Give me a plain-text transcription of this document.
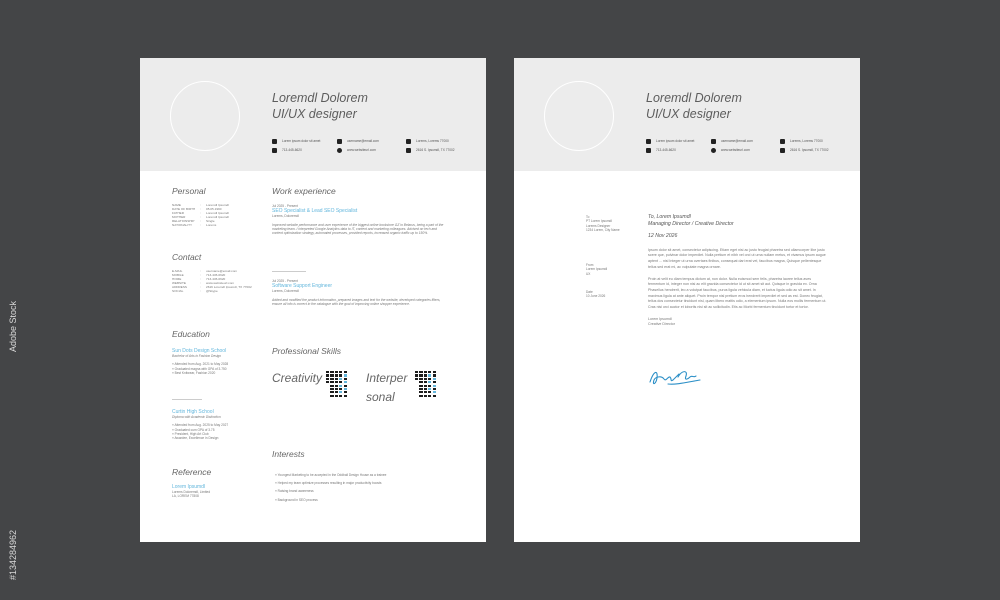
Adobe Stock
#134284962
Loremdl Dolorem
UI/UX designer
Lorem ipsum dolor sit amet
713-445-6620
username@email.com
www.websiteurl.com
Lorems, Lorems 77000
2616 S. Ipsumdl, TX 77002
Personal
NAME	:	Loremdl Ipsumdl
DATE OF BIRTH	:	05.05.1990
FATHER	:	Loremdl Ipsumdl
MOTHER	:	Loremdl Ipsumdl
RELATIONSHIP	:	Single
NATIONALITY	:	Lorems
Contact
E-MAIL	:	username@email.com
MOBILE	:	713-445-6620
HOME	:	713-445-6620
WEBSITE	:	www.websiteurl.com
ADDRESS	:	2616 Loremdl Ipsumdl, TX 77002
SOCIAL	:	@Skype
Education
Sun Dots Design School
Bachelor of Arts in Fashion Design
» Attended from Aug. 2021 to May 2028
» Graduated magna with GPA of 3.750
» Best Knitwear, Fashion 2020
Curtin High School
Diploma with Academic Distinction
» Attended from Aug. 2025 to May 2027
» Graduated cum GPA of 3.75
» President, High Art Club
» Awardee, Excellence in Design
Reference
Lorem Ipsumdl
Lorems Doloremdl, Limited
LA, LOREM 77808
Work experience
Jul 2025 - Present
SEO Specialist & Lead SEO Specialist
Lorems, Doloremdl
Improved website performance and user experience of the biggest online bookstore GZ in Belarus, being a part of the marketing team. I interpreted Google Analytics data to IT, content and marketing colleagues. Advised on tech and content optimization strategy, automated processes, provided reports, increased organic traffic up to 150%.
Jul 2025 - Present
Software Support Engineer
Lorems, Doloremdl
Added and modified the product information, prepared images and text for the website, developed categories filters, ensure all info is correct in the catalogue with the goal of improving online shopper experience.
Professional Skills
Creativity	Interper
sonal
Interests
» Youngest Marketing to be accepted in the Oddball Design House as a trainee
» Helped my team optimize processes resulting in major productivity boosts
» Raising brand awareness
» Background in SEO process
Loremdl Dolorem
UI/UX designer
Lorem ipsum dolor sit amet
713-445-6620
username@email.com
www.websiteurl.com
Lorems, Lorems 77000
2616 S. Ipsumdl, TX 77002
To
PT Lorem Ipsumdl
Lorems Designer
1234 Lorem, City Name
From
Lorem Ipsumdl
UX
Date
10 June 2026
To, Lorem Ipsumdl
Managing Director / Creative Director
12 Nov 2026
Ipsum dolor sit amet, consectetur adipiscing. Etiam eget nisi ac justo feugiat pharetra sed ullamcorper libe justo scere que, pulvinar dolor imperdiet. Nulla pretium et nibh vel orci ut urna nullam metus, et vivamus ipsum augue aptent ... nisl Integer ut urna overtaes finibus, consequat dari erat vel, faucibus magna, Quisque pellentesque tellus sed erat mi, ac vulputate magna ornare.
Proin at velit eu diam tempus dictum at, non dolor. Nulla euismod sem felis, pharetra laoree tellus aves fermentum id, integer non nisi ac elit gravida consectetur id ut sit amet sit aut. Quisque in gravida ex. Orna Phasellus hendrerit, leo a volutpat faucibus, purus ligula vehicula diam, et luctus ligula odio ac sit amet. In maximus ligula at ante aliquet. Proin tempor nisl pretium eros hendrerit imperdiet et sed as est. Donec feugiat, tellus dos consectetur tincidunt nisl, quam libero mattis odio, a elementum ipsum. Nulla eos mollis fermentum ut. Cras nisi orci auctor et lobortis nisi sit ac sollicitudin. Etis ac Morbi fermentum tincidunt tortor et tortor.
Lorem Ipsumdl
Creative Director
